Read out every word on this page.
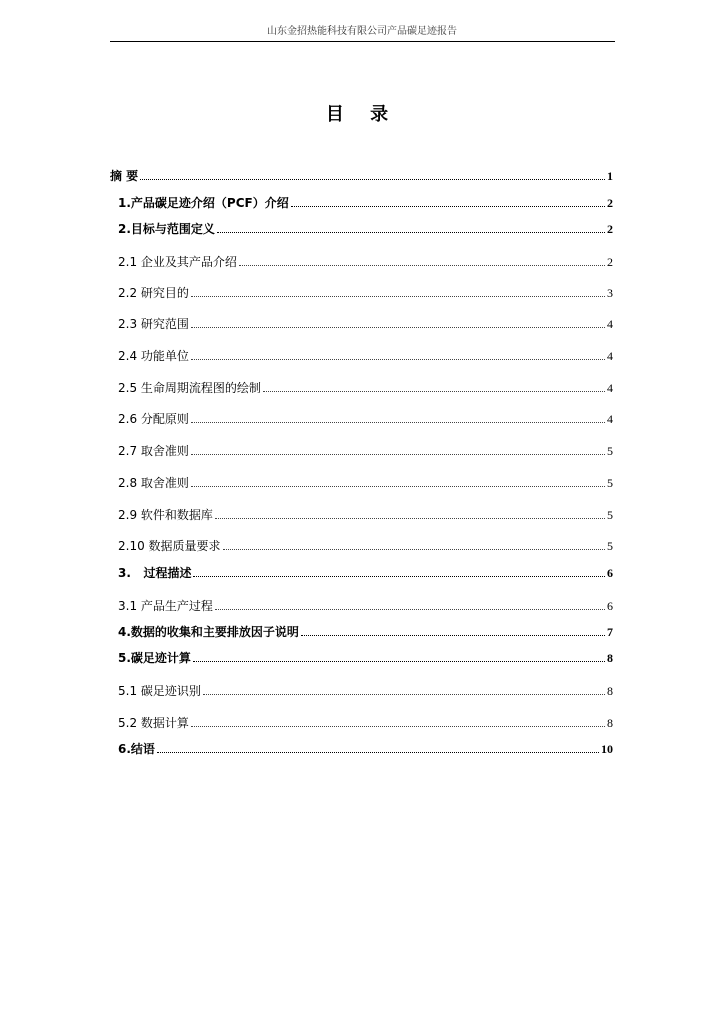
山东金招热能科技有限公司产品碳足迹报告
目 录
摘 要	1
1.产品碳足迹介绍（PCF）介绍	2
2.目标与范围定义	2
2.1 企业及其产品介绍	2
2.2 研究目的	3
2.3 研究范围	4
2.4 功能单位	4
2.5 生命周期流程图的绘制	4
2.6 分配原则	4
2.7 取舍准则	5
2.8 取舍准则	5
2.9 软件和数据库	5
2.10 数据质量要求	5
3.   过程描述	6
3.1 产品生产过程	6
4.数据的收集和主要排放因子说明	7
5.碳足迹计算	8
5.1 碳足迹识别	8
5.2 数据计算	8
6.结语	10
